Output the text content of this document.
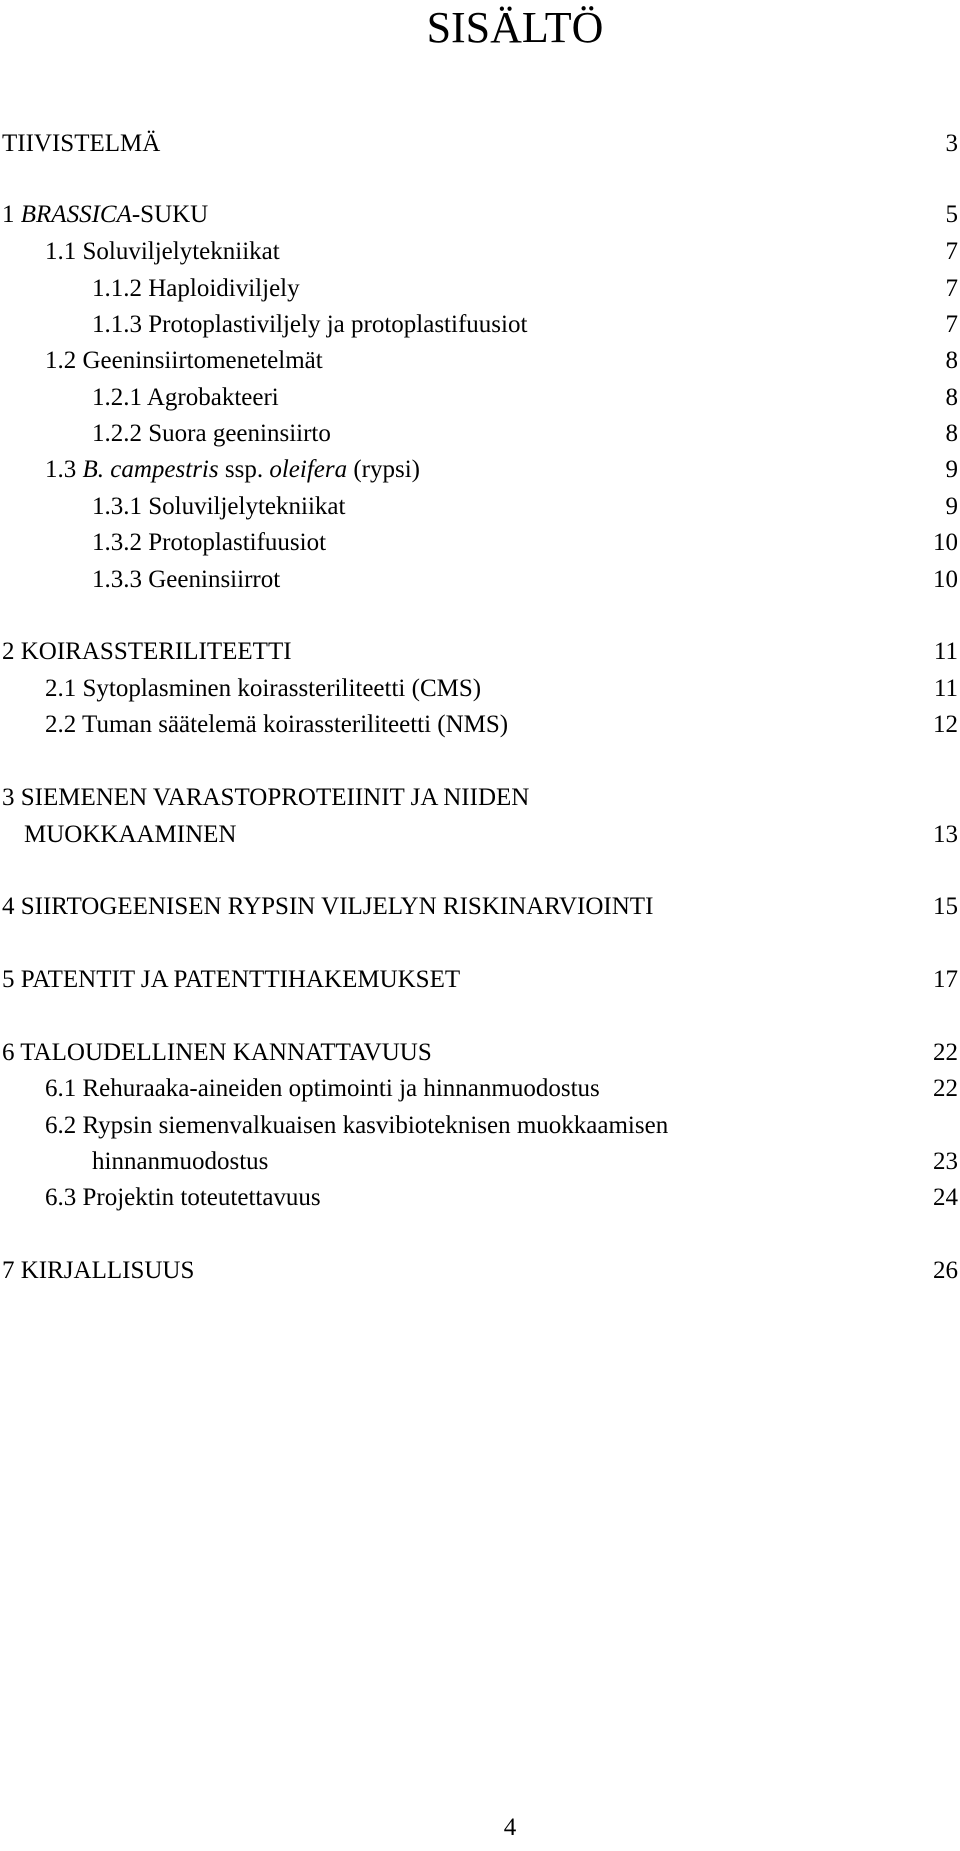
SISÄLTÖ
TIIVISTELMÄ	3
1 BRASSICA-SUKU	5
1.1 Soluviljelytekniikat	7
1.1.2 Haploidiviljely	7
1.1.3 Protoplastiviljely ja protoplastifuusiot	7
1.2 Geeninsiirtomenetelmät	8
1.2.1 Agrobakteeri	8
1.2.2 Suora geeninsiirto	8
1.3 B. campestris ssp. oleifera (rypsi)	9
1.3.1 Soluviljelytekniikat	9
1.3.2 Protoplastifuusiot	10
1.3.3 Geeninsiirrot	10
2 KOIRASSTERILITEETTI	11
2.1 Sytoplasminen koirassteriliteetti (CMS)	11
2.2 Tuman säätelemä koirassteriliteetti (NMS)	12
3 SIEMENEN VARASTOPROTEIINIT JA NIIDEN
MUOKKAAMINEN	13
4 SIIRTOGEENISEN RYPSIN VILJELYN RISKINARVIOINTI	15
5 PATENTIT JA PATENTTIHAKEMUKSET	17
6 TALOUDELLINEN KANNATTAVUUS	22
6.1 Rehuraaka-aineiden optimointi ja hinnanmuodostus	22
6.2 Rypsin siemenvalkuaisen kasvibioteknisen muokkaamisen
hinnanmuodostus	23
6.3 Projektin toteutettavuus	24
7 KIRJALLISUUS	26
4
